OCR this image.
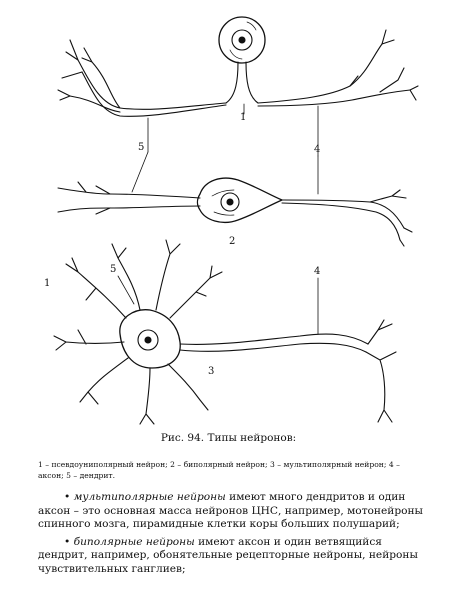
1
4
5
2
1
5	4
3
Рис. 94. Типы нейронов:
1 – псевдоуниполярный нейрон; 2 – биполярный нейрон; 3 – мультиполярный нейрон; 4 – аксон; 5 – дендрит.

• мультиполярные нейроны имеют много дендритов и один аксон – это основная масса нейронов ЦНС, например, мотонейроны спинного мозга, пирамидные клетки коры больших полушарий;

• биполярные нейроны имеют аксон и один ветвящийся дендрит, например, обонятельные рецепторные нейроны, нейроны чувствительных ганглиев;
